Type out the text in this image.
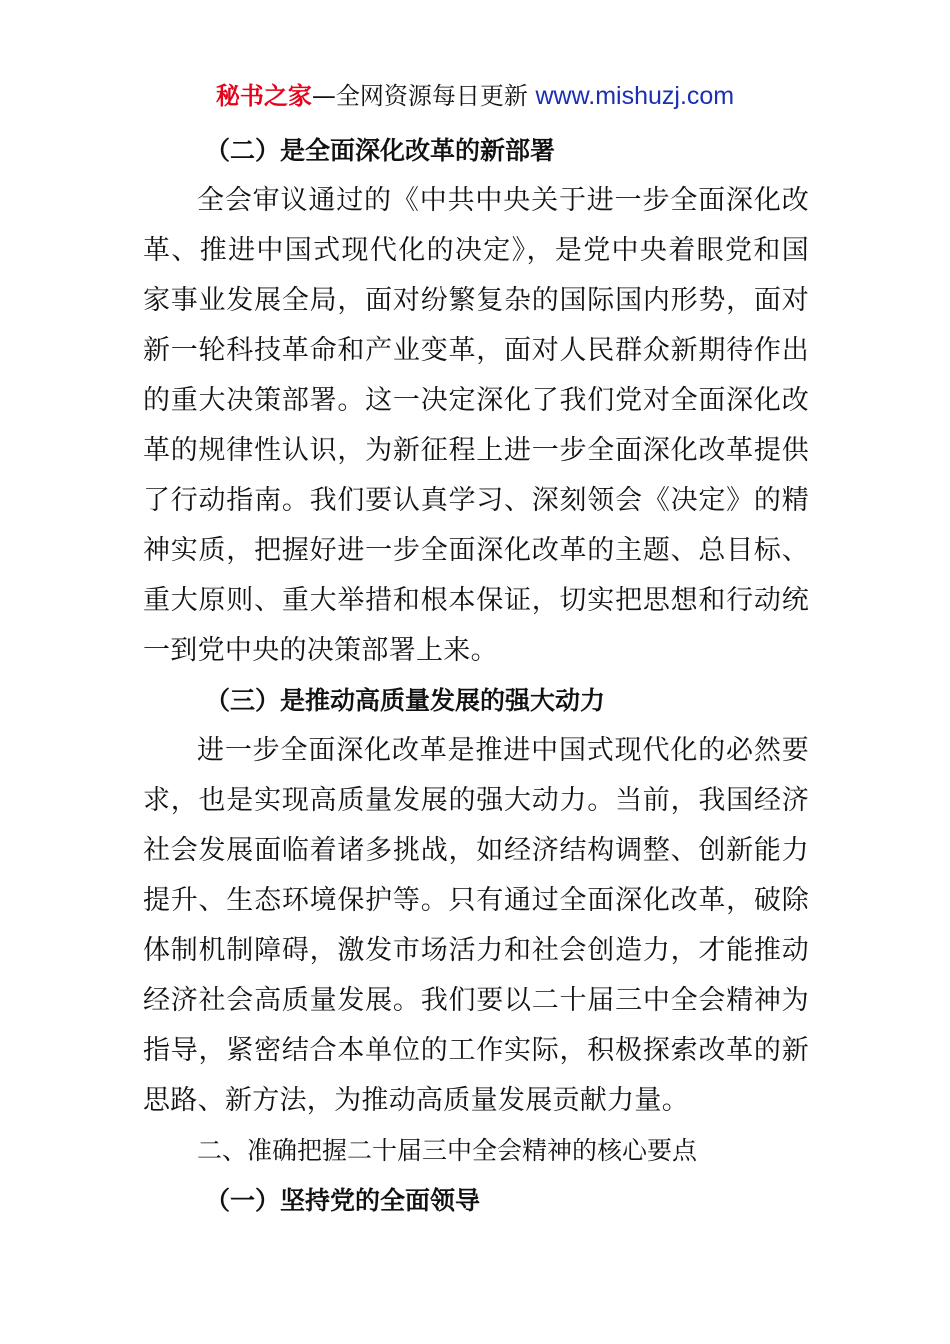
秘书之家—全网资源每日更新 www.mishuzj.com

（二）是全面深化改革的新部署

全会审议通过的《中共中央关于进一步全面深化改革、推进中国式现代化的决定》，是党中央着眼党和国家事业发展全局，面对纷繁复杂的国际国内形势，面对新一轮科技革命和产业变革，面对人民群众新期待作出的重大决策部署。这一决定深化了我们党对全面深化改革的规律性认识，为新征程上进一步全面深化改革提供了行动指南。我们要认真学习、深刻领会《决定》的精神实质，把握好进一步全面深化改革的主题、总目标、重大原则、重大举措和根本保证，切实把思想和行动统一到党中央的决策部署上来。

（三）是推动高质量发展的强大动力

进一步全面深化改革是推进中国式现代化的必然要求，也是实现高质量发展的强大动力。当前，我国经济社会发展面临着诸多挑战，如经济结构调整、创新能力提升、生态环境保护等。只有通过全面深化改革，破除体制机制障碍，激发市场活力和社会创造力，才能推动经济社会高质量发展。我们要以二十届三中全会精神为指导，紧密结合本单位的工作实际，积极探索改革的新思路、新方法，为推动高质量发展贡献力量。

二、准确把握二十届三中全会精神的核心要点

（一）坚持党的全面领导
